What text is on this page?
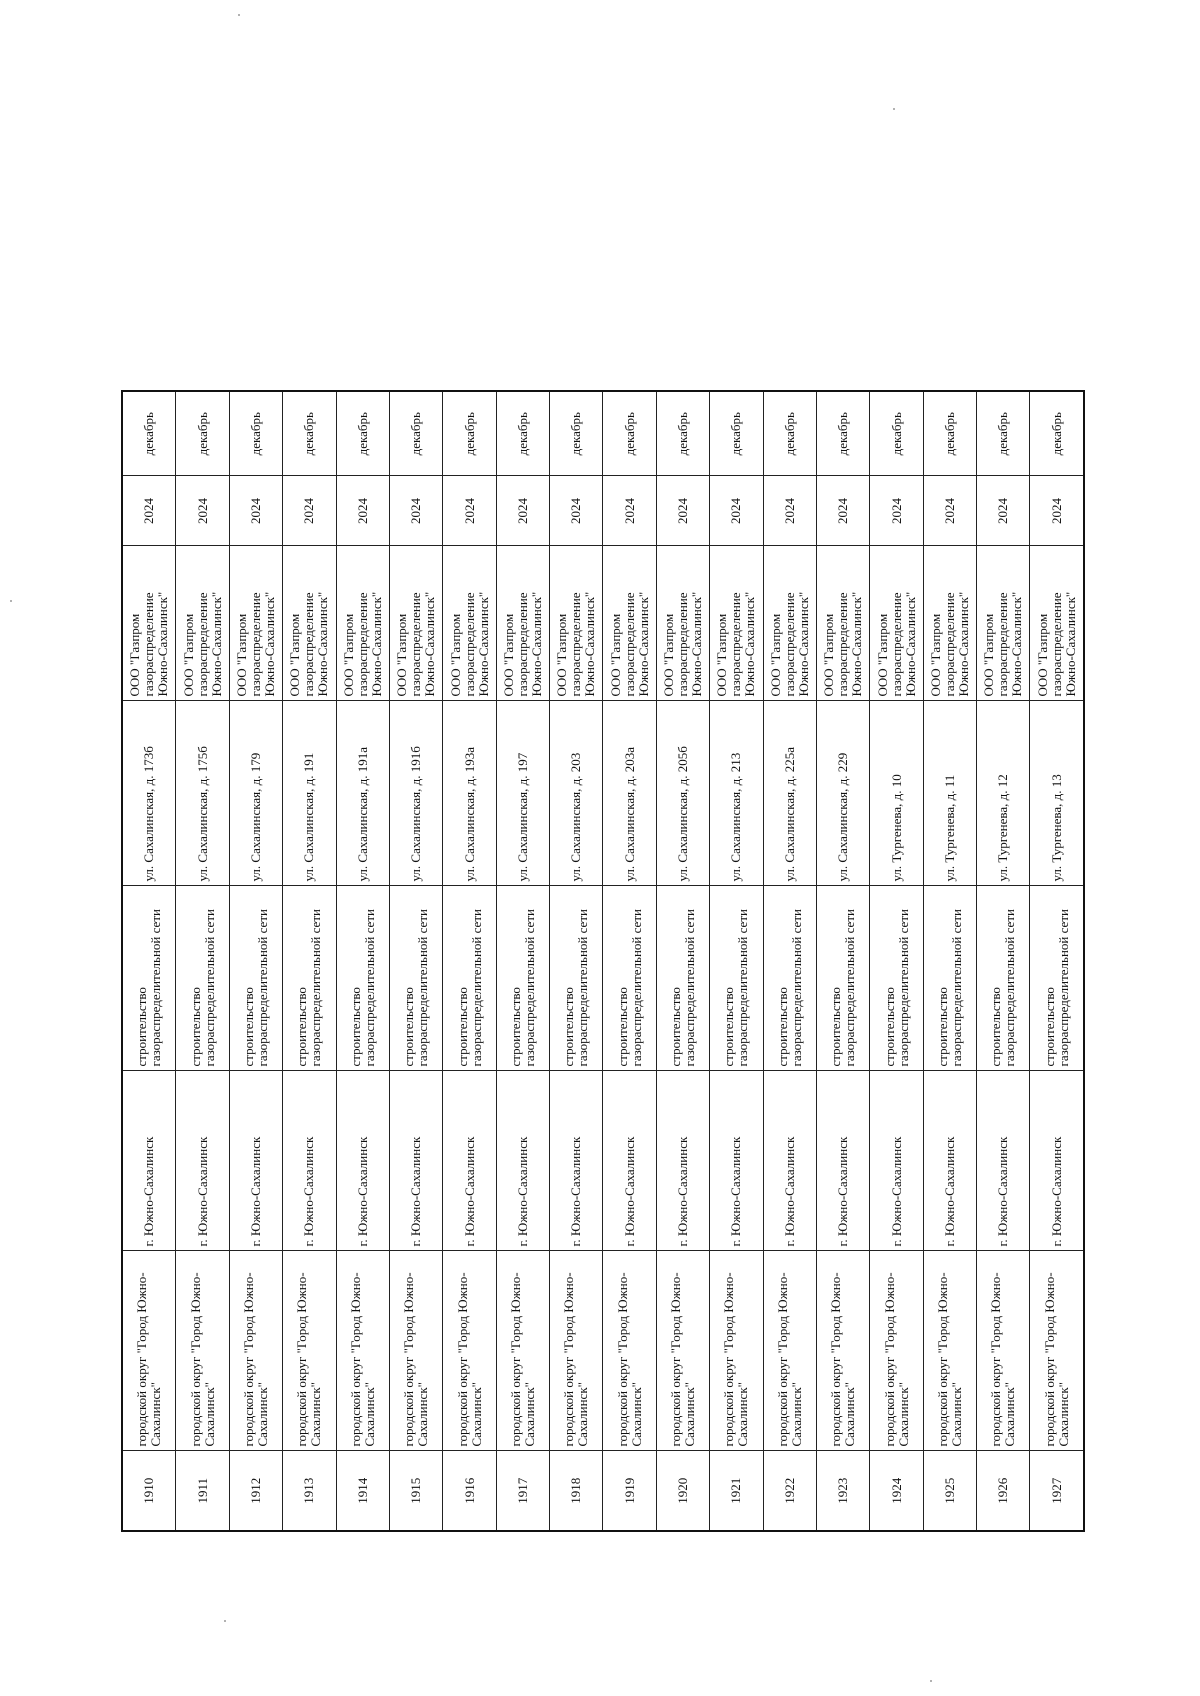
1910	городской округ "Город Южно-Сахалинск"	г. Южно-Сахалинск	строительство газораспределительной сети	ул. Сахалинская, д. 173б	ООО "Газпром газораспределение Южно-Сахалинск"	2024	декабрь

1911	городской округ "Город Южно-Сахалинск"	г. Южно-Сахалинск	строительство газораспределительной сети	ул. Сахалинская, д. 175б	ООО "Газпром газораспределение Южно-Сахалинск"	2024	декабрь

1912	городской округ "Город Южно-Сахалинск"	г. Южно-Сахалинск	строительство газораспределительной сети	ул. Сахалинская, д. 179	ООО "Газпром газораспределение Южно-Сахалинск"	2024	декабрь

1913	городской округ "Город Южно-Сахалинск"	г. Южно-Сахалинск	строительство газораспределительной сети	ул. Сахалинская, д. 191	ООО "Газпром газораспределение Южно-Сахалинск"	2024	декабрь

1914	городской округ "Город Южно-Сахалинск"	г. Южно-Сахалинск	строительство газораспределительной сети	ул. Сахалинская, д. 191а	ООО "Газпром газораспределение Южно-Сахалинск"	2024	декабрь

1915	городской округ "Город Южно-Сахалинск"	г. Южно-Сахалинск	строительство газораспределительной сети	ул. Сахалинская, д. 191б	ООО "Газпром газораспределение Южно-Сахалинск"	2024	декабрь

1916	городской округ "Город Южно-Сахалинск"	г. Южно-Сахалинск	строительство газораспределительной сети	ул. Сахалинская, д. 193а	ООО "Газпром газораспределение Южно-Сахалинск"	2024	декабрь

1917	городской округ "Город Южно-Сахалинск"	г. Южно-Сахалинск	строительство газораспределительной сети	ул. Сахалинская, д. 197	ООО "Газпром газораспределение Южно-Сахалинск"	2024	декабрь

1918	городской округ "Город Южно-Сахалинск"	г. Южно-Сахалинск	строительство газораспределительной сети	ул. Сахалинская, д. 203	ООО "Газпром газораспределение Южно-Сахалинск"	2024	декабрь

1919	городской округ "Город Южно-Сахалинск"	г. Южно-Сахалинск	строительство газораспределительной сети	ул. Сахалинская, д. 203а	ООО "Газпром газораспределение Южно-Сахалинск"	2024	декабрь

1920	городской округ "Город Южно-Сахалинск"	г. Южно-Сахалинск	строительство газораспределительной сети	ул. Сахалинская, д. 205б	ООО "Газпром газораспределение Южно-Сахалинск"	2024	декабрь

1921	городской округ "Город Южно-Сахалинск"	г. Южно-Сахалинск	строительство газораспределительной сети	ул. Сахалинская, д. 213	ООО "Газпром газораспределение Южно-Сахалинск"	2024	декабрь

1922	городской округ "Город Южно-Сахалинск"	г. Южно-Сахалинск	строительство газораспределительной сети	ул. Сахалинская, д. 225а	ООО "Газпром газораспределение Южно-Сахалинск"	2024	декабрь

1923	городской округ "Город Южно-Сахалинск"	г. Южно-Сахалинск	строительство газораспределительной сети	ул. Сахалинская, д. 229	ООО "Газпром газораспределение Южно-Сахалинск"	2024	декабрь

1924	городской округ "Город Южно-Сахалинск"	г. Южно-Сахалинск	строительство газораспределительной сети	ул. Тургенева, д. 10	ООО "Газпром газораспределение Южно-Сахалинск"	2024	декабрь

1925	городской округ "Город Южно-Сахалинск"	г. Южно-Сахалинск	строительство газораспределительной сети	ул. Тургенева, д. 11	ООО "Газпром газораспределение Южно-Сахалинск"	2024	декабрь

1926	городской округ "Город Южно-Сахалинск"	г. Южно-Сахалинск	строительство газораспределительной сети	ул. Тургенева, д. 12	ООО "Газпром газораспределение Южно-Сахалинск"	2024	декабрь

1927	городской округ "Город Южно-Сахалинск"	г. Южно-Сахалинск	строительство газораспределительной сети	ул. Тургенева, д. 13	ООО "Газпром газораспределение Южно-Сахалинск"	2024	декабрь
